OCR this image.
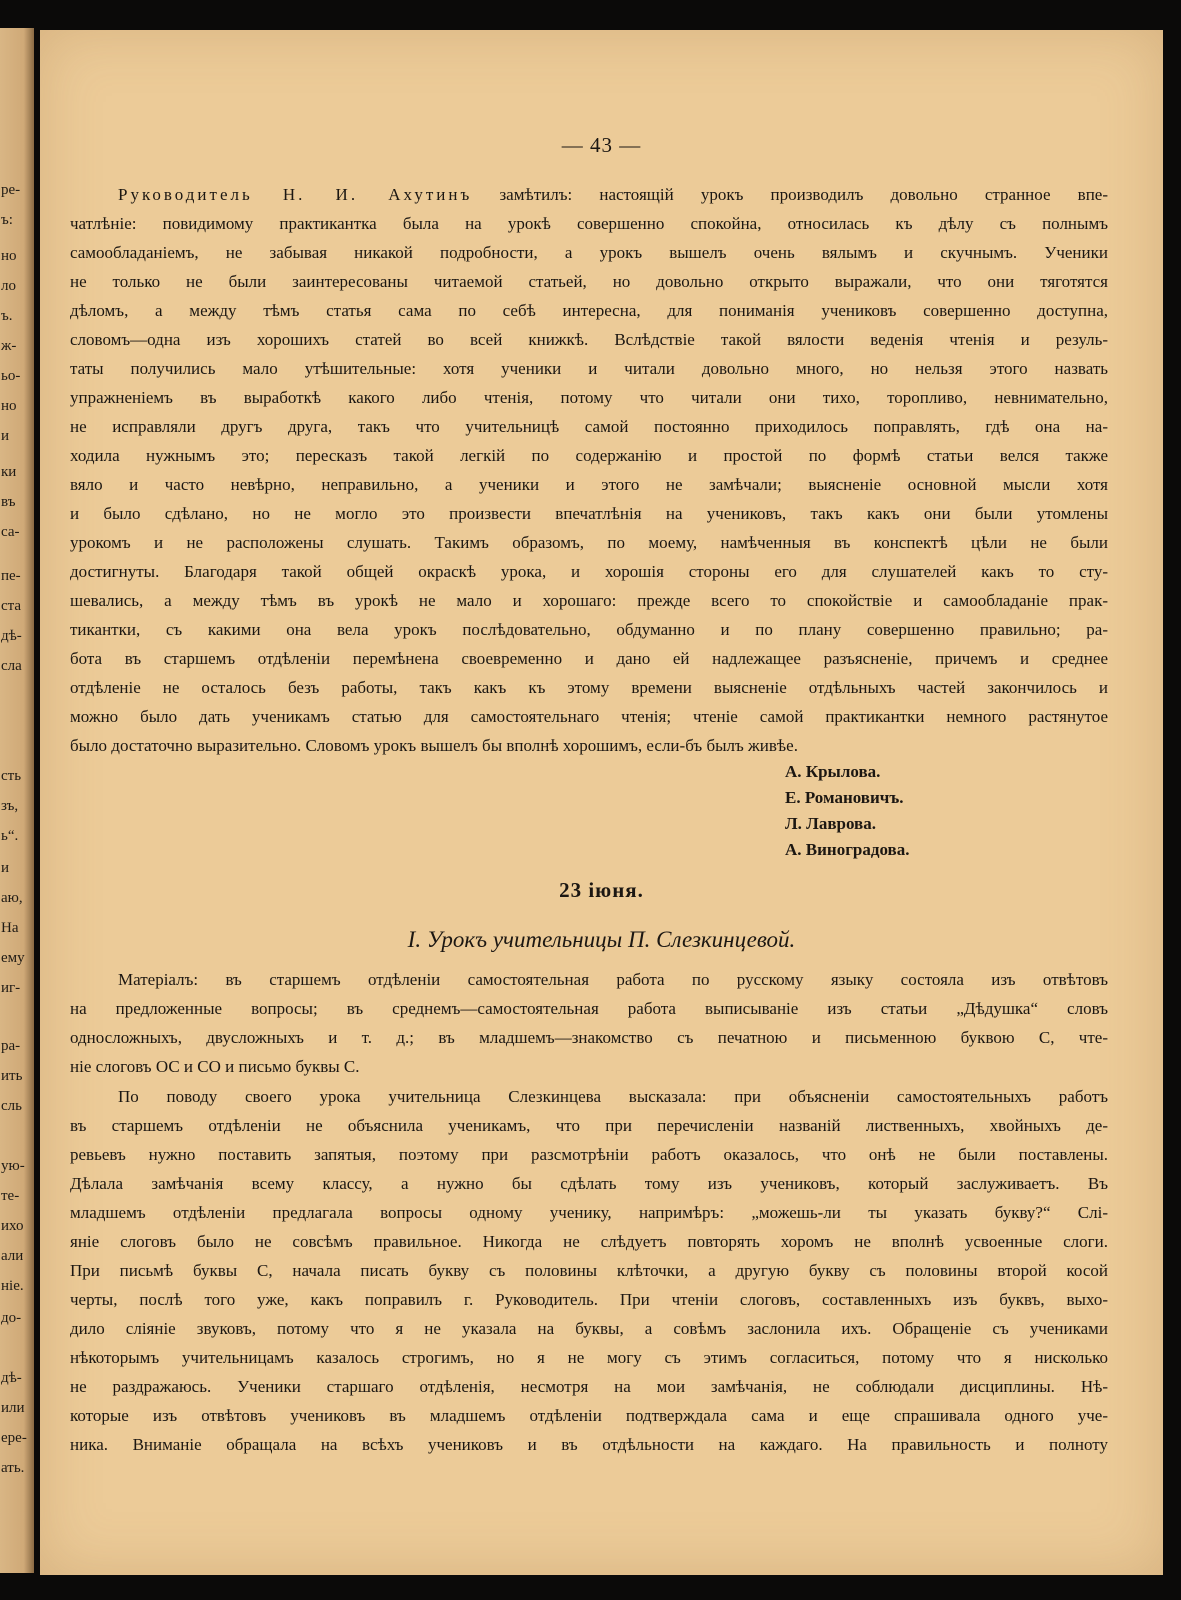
ре-
ъ:
но
ло
ъ.
ж-
ьо-
но
и
ки
въ
са-
пе-
ста
дѣ-
сла
сть
зъ,
ь“.
и
аю,
На
ему
иг-
ра-
ить
сль
ую-
те-
ихо
али
ніе.
до-
дѣ-
или
ере-
ать.
— 43 —
Руководитель Н. И. Ахутинъ замѣтилъ: настоящій урокъ производилъ довольно странное впе-
чатлѣніе: повидимому практикантка была на урокѣ совершенно спокойна, относилась къ дѣлу съ полнымъ
самообладаніемъ, не забывая никакой подробности, а урокъ вышелъ очень вялымъ и скучнымъ. Ученики
не только не были заинтересованы читаемой статьей, но довольно открыто выражали, что они тяготятся
дѣломъ, а между тѣмъ статья сама по себѣ интересна, для пониманія учениковъ совершенно доступна,
словомъ—одна изъ хорошихъ статей во всей книжкѣ. Вслѣдствіе такой вялости веденія чтенія и резуль-
таты получились мало утѣшительные: хотя ученики и читали довольно много, но нельзя этого назвать
упражненіемъ въ выработкѣ какого либо чтенія, потому что читали они тихо, торопливо, невнимательно,
не исправляли другъ друга, такъ что учительницѣ самой постоянно приходилось поправлять, гдѣ она на-
ходила нужнымъ это; пересказъ такой легкій по содержанію и простой по формѣ статьи велся также
вяло и часто невѣрно, неправильно, а ученики и этого не замѣчали; выясненіе основной мысли хотя
и было сдѣлано, но не могло это произвести впечатлѣнія на учениковъ, такъ какъ они были утомлены
урокомъ и не расположены слушать. Такимъ образомъ, по моему, намѣченныя въ конспектѣ цѣли не были
достигнуты. Благодаря такой общей окраскѣ урока, и хорошія стороны его для слушателей какъ то сту-
шевались, а между тѣмъ въ урокѣ не мало и хорошаго: прежде всего то спокойствіе и самообладаніе прак-
тикантки, съ какими она вела урокъ послѣдовательно, обдуманно и по плану совершенно правильно; ра-
бота въ старшемъ отдѣленіи перемѣнена своевременно и дано ей надлежащее разъясненіе, причемъ и среднее
отдѣленіе не осталось безъ работы, такъ какъ къ этому времени выясненіе отдѣльныхъ частей закончилось и
можно было дать ученикамъ статью для самостоятельнаго чтенія; чтеніе самой практикантки немного растянутое
было достаточно выразительно. Словомъ урокъ вышелъ бы вполнѣ хорошимъ, если-бъ былъ живѣе.
А. Крылова.
Е. Романовичъ.
Л. Лаврова.
А. Виноградова.
23 іюня.
I. Урокъ учительницы П. Слезкинцевой.
Матеріалъ: въ старшемъ отдѣленіи самостоятельная работа по русскому языку состояла изъ отвѣтовъ
на предложенные вопросы; въ среднемъ—самостоятельная работа выписываніе изъ статьи „Дѣдушка“ словъ
односложныхъ, двусложныхъ и т. д.; въ младшемъ—знакомство съ печатною и письменною буквою С, чте-
ніе слоговъ ОС и СО и письмо буквы С.
По поводу своего урока учительница Слезкинцева высказала: при объясненіи самостоятельныхъ работъ
въ старшемъ отдѣленіи не объяснила ученикамъ, что при перечисленіи названій лиственныхъ, хвойныхъ де-
ревьевъ нужно поставить запятыя, поэтому при разсмотрѣніи работъ оказалось, что онѣ не были поставлены.
Дѣлала замѣчанія всему классу, а нужно бы сдѣлать тому изъ учениковъ, который заслуживаетъ. Въ
младшемъ отдѣленіи предлагала вопросы одному ученику, напримѣръ: „можешь-ли ты указать букву?“ Слі-
яніе слоговъ было не совсѣмъ правильное. Никогда не слѣдуетъ повторять хоромъ не вполнѣ усвоенные слоги.
При письмѣ буквы С, начала писать букву съ половины клѣточки, а другую букву съ половины второй косой
черты, послѣ того уже, какъ поправилъ г. Руководитель. При чтеніи слоговъ, составленныхъ изъ буквъ, выхо-
дило сліяніе звуковъ, потому что я не указала на буквы, а совѣмъ заслонила ихъ. Обращеніе съ учениками
нѣкоторымъ учительницамъ казалось строгимъ, но я не могу съ этимъ согласиться, потому что я нисколько
не раздражаюсь. Ученики старшаго отдѣленія, несмотря на мои замѣчанія, не соблюдали дисциплины. Нѣ-
которые изъ отвѣтовъ учениковъ въ младшемъ отдѣленіи подтверждала сама и еще спрашивала одного уче-
ника. Вниманіе обращала на всѣхъ учениковъ и въ отдѣльности на каждаго. На правильность и полноту
